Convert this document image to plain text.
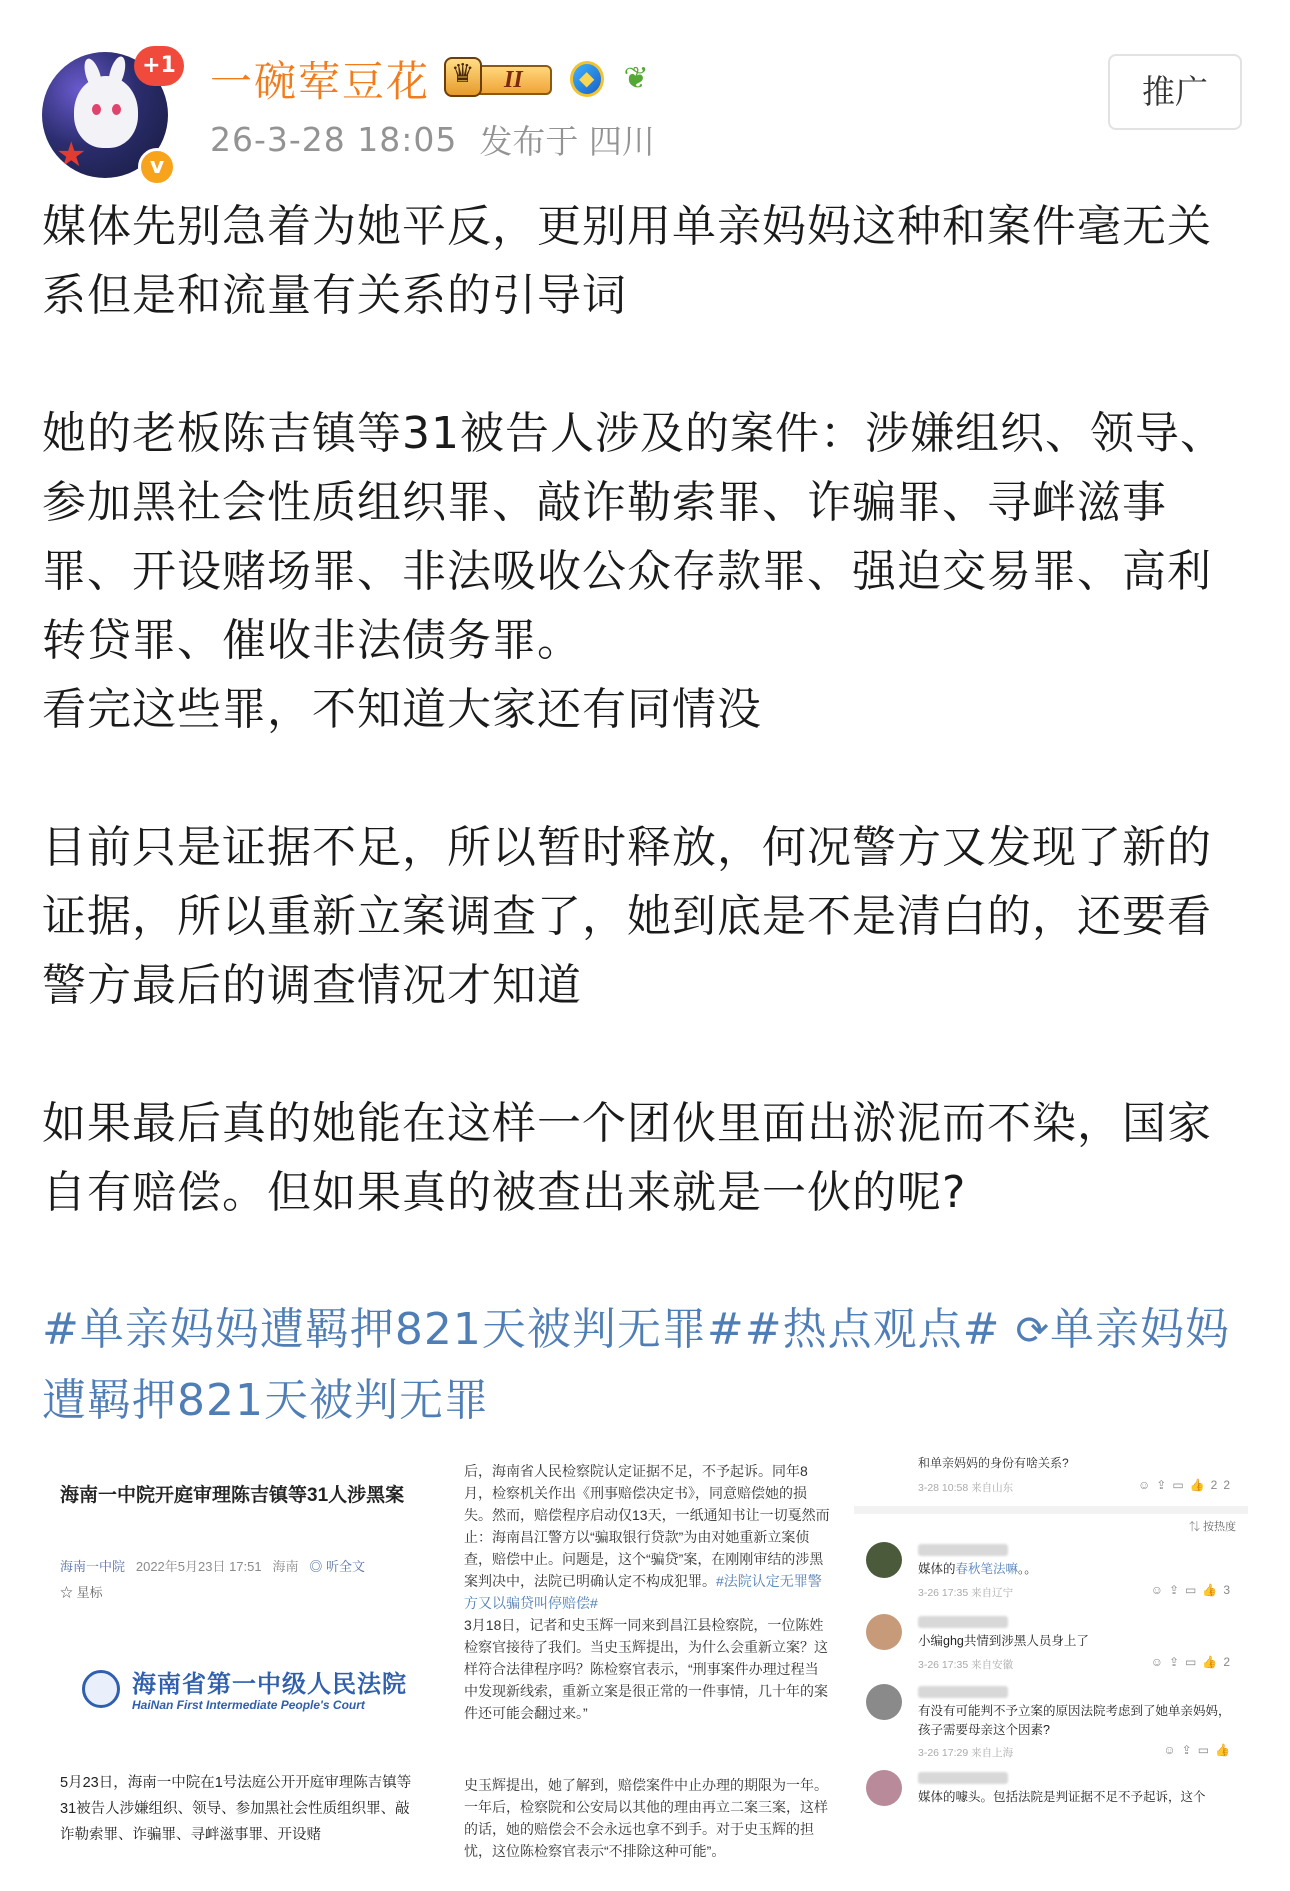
★
+1
v
一碗荤豆花 ♛	II ◆	❦
26-3-28 18:05 发布于 四川
推广
媒体先别急着为她平反，更别用单亲妈妈这种和案件毫无关系但是和流量有关系的引导词
她的老板陈吉镇等31被告人涉及的案件：涉嫌组织、领导、参加黑社会性质组织罪、敲诈勒索罪、诈骗罪、寻衅滋事罪、开设赌场罪、非法吸收公众存款罪、强迫交易罪、高利转贷罪、催收非法债务罪。
看完这些罪，不知道大家还有同情没
目前只是证据不足，所以暂时释放，何况警方又发现了新的证据，所以重新立案调查了，她到底是不是清白的，还要看警方最后的调查情况才知道
如果最后真的她能在这样一个团伙里面出淤泥而不染，国家自有赔偿。但如果真的被查出来就是一伙的呢?
#单亲妈妈遭羁押821天被判无罪##热点观点# ⟳单亲妈妈遭羁押821天被判无罪
海南一中院开庭审理陈吉镇等31人涉黑案
海南一中院 2022年5月23日 17:51 海南 ◎ 听全文
☆ 星标
海南省第一中级人民法院
HaiNan First Intermediate People's Court
5月23日，海南一中院在1号法庭公开开庭审理陈吉镇等31被告人涉嫌组织、领导、参加黑社会性质组织罪、敲诈勒索罪、诈骗罪、寻衅滋事罪、开设赌
后，海南省人民检察院认定证据不足，不予起诉。同年8月，检察机关作出《刑事赔偿决定书》，同意赔偿她的损失。然而，赔偿程序启动仅13天，一纸通知书让一切戛然而止：海南昌江警方以“骗取银行贷款”为由对她重新立案侦查，赔偿中止。问题是，这个“骗贷”案，在刚刚审结的涉黑案判决中，法院已明确认定不构成犯罪。#法院认定无罪警方又以骗贷叫停赔偿#
3月18日，记者和史玉辉一同来到昌江县检察院，一位陈姓检察官接待了我们。当史玉辉提出，为什么会重新立案？这样符合法律程序吗？陈检察官表示，“刑事案件办理过程当中发现新线索，重新立案是很正常的一件事情，几十年的案件还可能会翻过来。”
史玉辉提出，她了解到，赔偿案件中止办理的期限为一年。一年后，检察院和公安局以其他的理由再立二案三案，这样的话，她的赔偿会不会永远也拿不到手。对于史玉辉的担忧，这位陈检察官表示“不排除这种可能”。
和单亲妈妈的身份有啥关系?
3-28 10:58 来自山东	☺⇪▭👍22
⇅ 按热度
媒体的春秋笔法嘛。。
3-26 17:35 来自辽宁	☺⇪▭👍3
小编ghg共情到涉黑人员身上了
3-26 17:35 来自安徽	☺⇪▭👍2
有没有可能判不予立案的原因法院考虑到了她单亲妈妈，孩子需要母亲这个因素?
3-26 17:29 来自上海	☺⇪▭👍
媒体的噱头。包括法院是判证据不足不予起诉，这个
